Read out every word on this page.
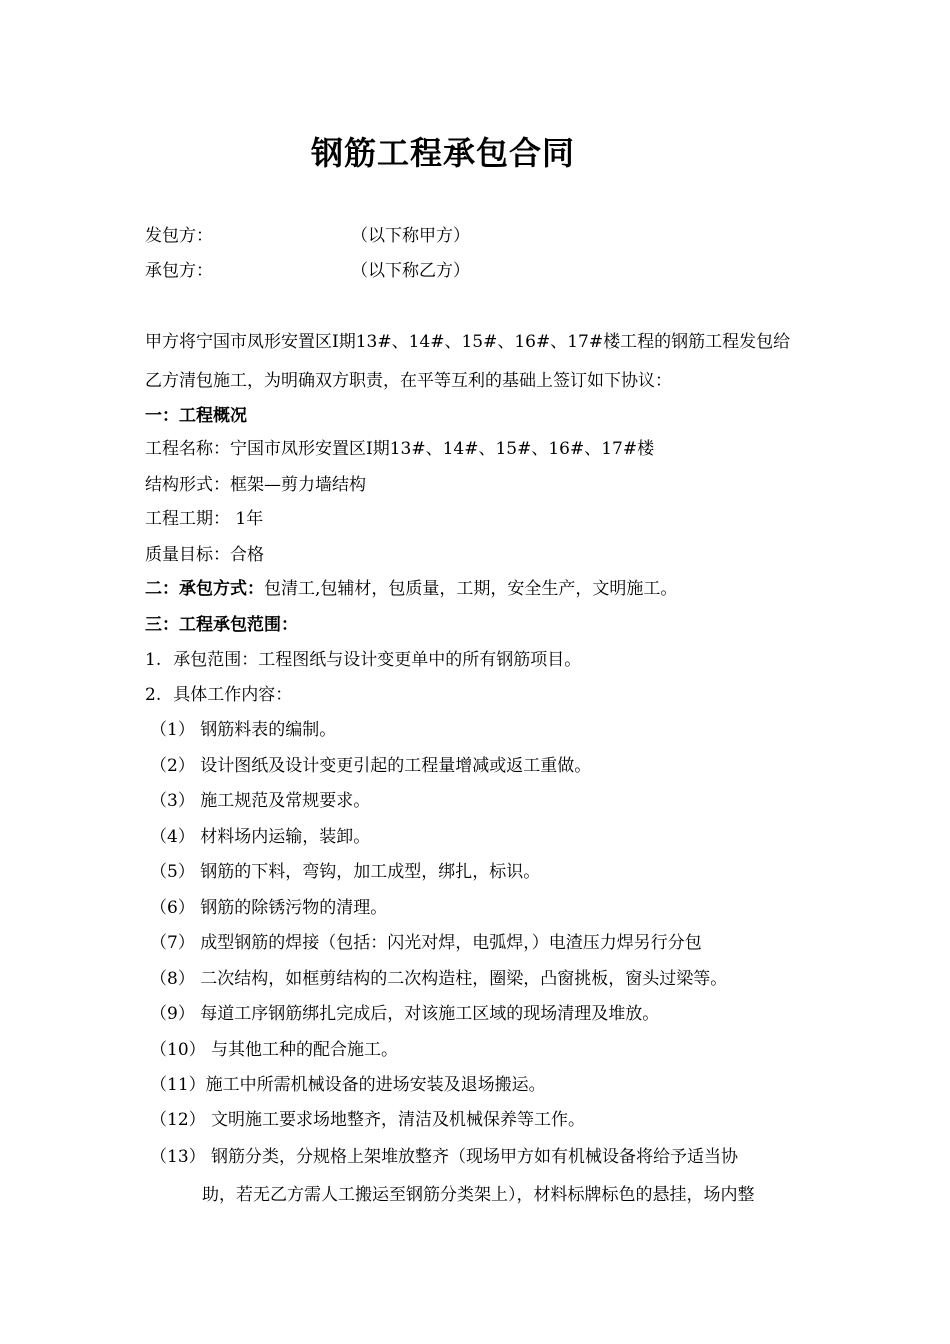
钢筋工程承包合同
发包方：	（以下称甲方）
承包方：	（以下称乙方）
甲方将宁国市凤形安置区Ⅰ期13#、14#、15#、16#、17#楼工程的钢筋工程发包给
乙方清包施工，为明确双方职责，在平等互利的基础上签订如下协议：
一：工程概况
工程名称：宁国市凤形安置区Ⅰ期13#、14#、15#、16#、17#楼
结构形式：框架—剪力墙结构
工程工期： 1年
质量目标：合格
二：承包方式：包清工,包辅材，包质量，工期，安全生产，文明施工。
三：工程承包范围：
1. 承包范围：工程图纸与设计变更单中的所有钢筋项目。
2. 具体工作内容：
（1） 钢筋料表的编制。
（2） 设计图纸及设计变更引起的工程量增减或返工重做。
（3） 施工规范及常规要求。
（4） 材料场内运输，装卸。
（5） 钢筋的下料，弯钩，加工成型，绑扎，标识。
（6） 钢筋的除锈污物的清理。
（7） 成型钢筋的焊接（包括：闪光对焊，电弧焊，）电渣压力焊另行分包
（8） 二次结构，如框剪结构的二次构造柱，圈梁，凸窗挑板，窗头过梁等。
（9） 每道工序钢筋绑扎完成后，对该施工区域的现场清理及堆放。
（10） 与其他工种的配合施工。
（11）施工中所需机械设备的进场安装及退场搬运。
（12） 文明施工要求场地整齐，清洁及机械保养等工作。
（13） 钢筋分类，分规格上架堆放整齐（现场甲方如有机械设备将给予适当协
助，若无乙方需人工搬运至钢筋分类架上），材料标牌标色的悬挂，场内整
